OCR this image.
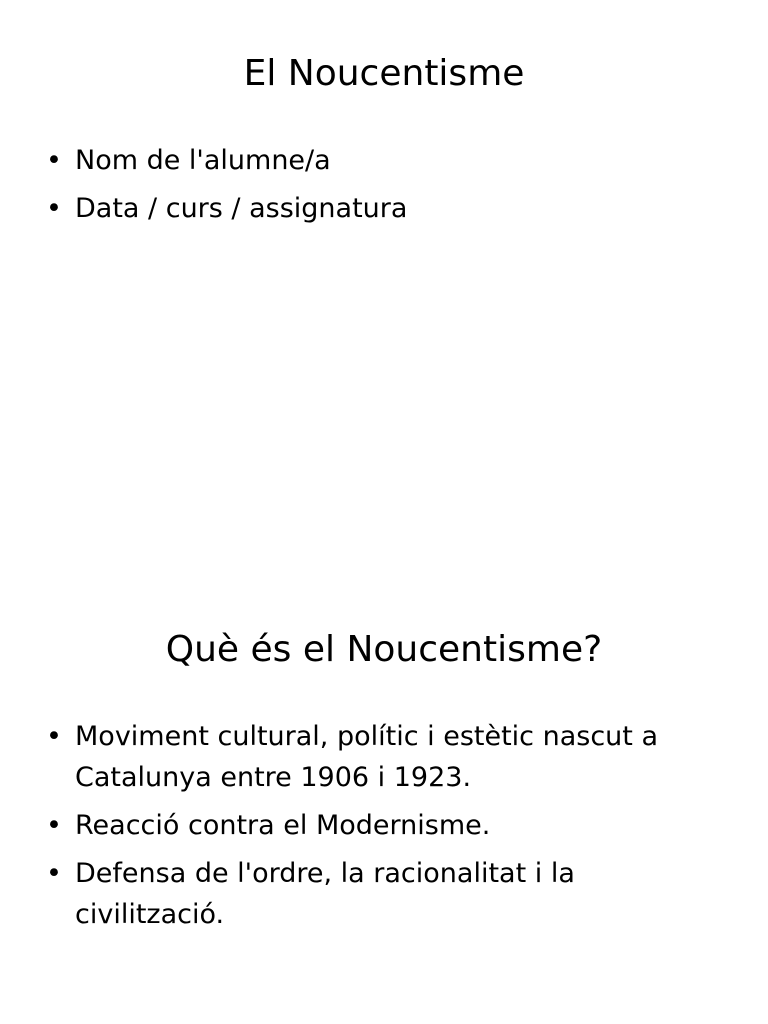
El Noucentisme
• Nom de l'alumne/a
• Data / curs / assignatura
Què és el Noucentisme?
• Moviment cultural, polític i estètic nascut a Catalunya entre 1906 i 1923.
• Reacció contra el Modernisme.
• Defensa de l'ordre, la racionalitat i la civilització.
